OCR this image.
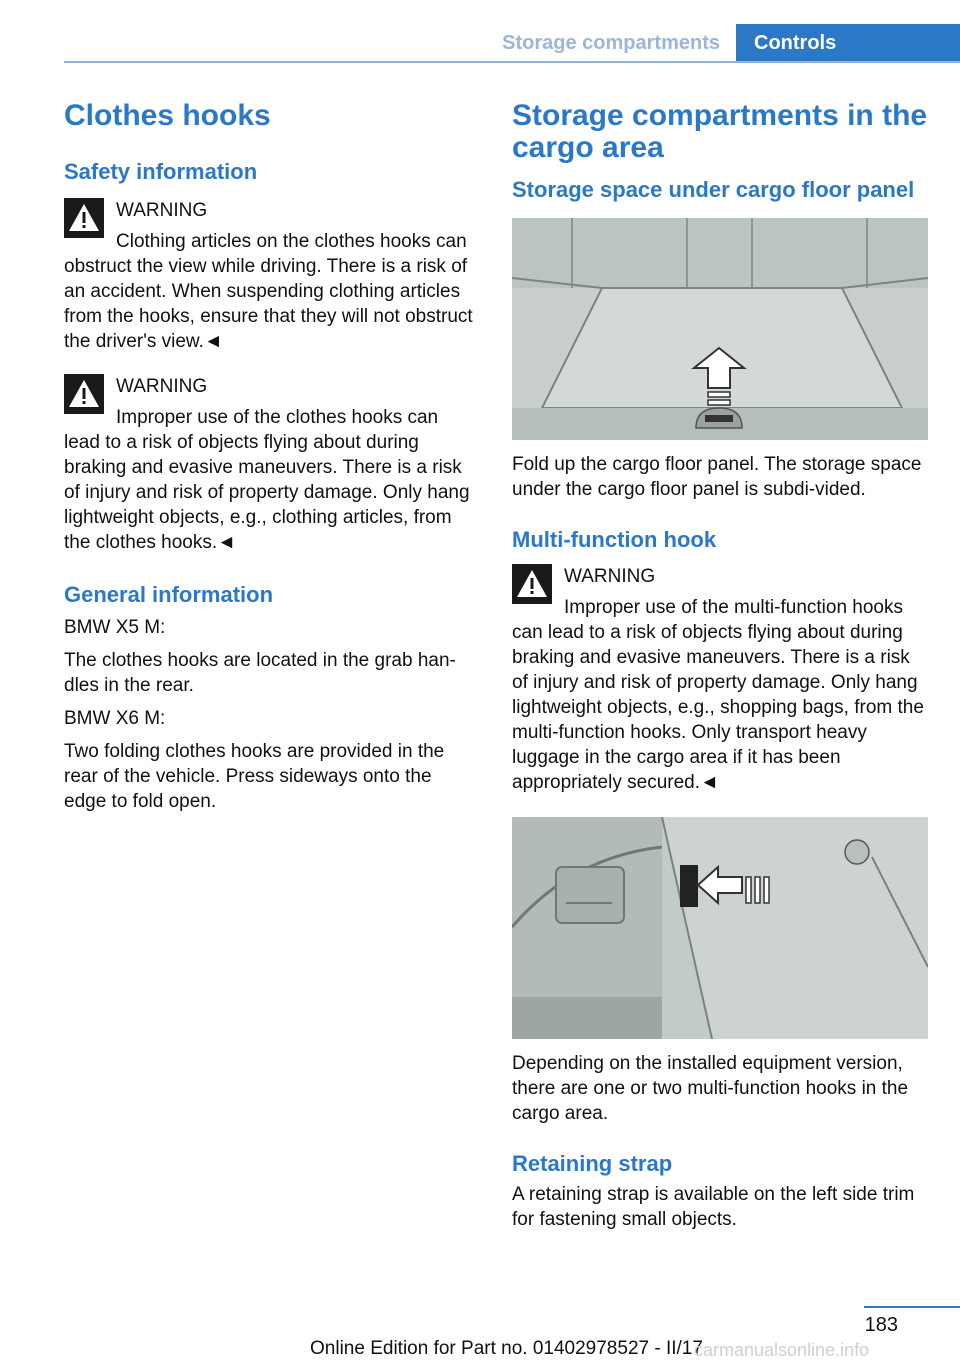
Storage compartments	Controls
Clothes hooks
Safety information
WARNING

Clothing articles on the clothes hooks can obstruct the view while driving. There is a risk of an accident. When suspending clothing articles from the hooks, ensure that they will not obstruct the driver's view.◄

WARNING

Improper use of the clothes hooks can lead to a risk of objects flying about during braking and evasive maneuvers. There is a risk of injury and risk of property damage. Only hang lightweight objects, e.g., clothing articles, from the clothes hooks.◄

General information

BMW X5 M:

The clothes hooks are located in the grab han‐dles in the rear.

BMW X6 M:

Two folding clothes hooks are provided in the rear of the vehicle. Press sideways onto the edge to fold open.

Storage compartments in the cargo area
Storage space under cargo floor panel

Fold up the cargo floor panel. The storage space under the cargo floor panel is subdi‐vided.

Multi-function hook
WARNING

Improper use of the multi-function hooks can lead to a risk of objects flying about during braking and evasive maneuvers. There is a risk of injury and risk of property damage. Only hang lightweight objects, e.g., shopping bags, from the multi-function hooks. Only transport heavy luggage in the cargo area if it has been appropriately secured.◄

Depending on the installed equipment version, there are one or two multi-function hooks in the cargo area.

Retaining strap

A retaining strap is available on the left side trim for fastening small objects.

183
Online Edition for Part no. 01402978527 - II/17
carmanualsonline.info
